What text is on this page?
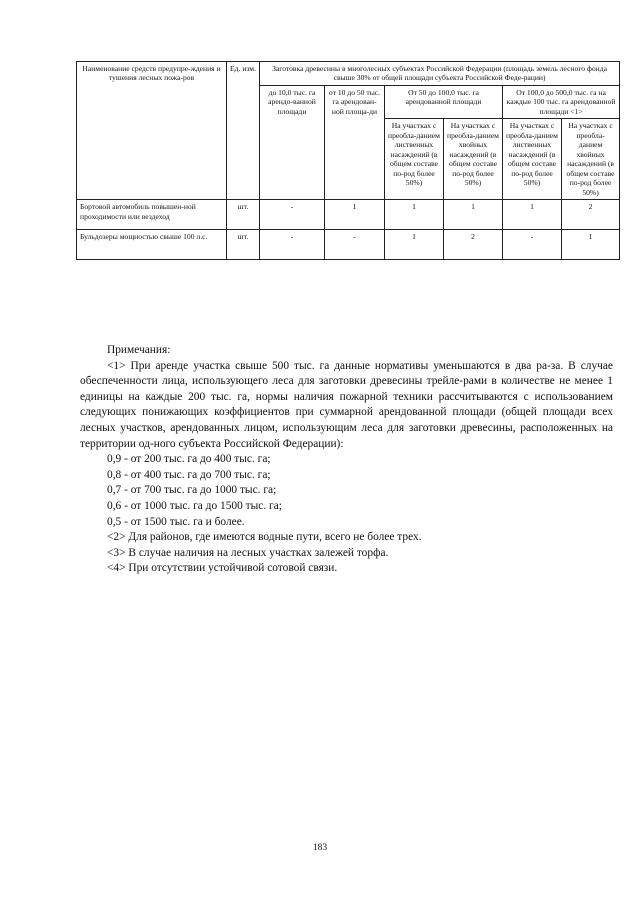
Наименование средств предупре-ждения и тушения лесных пожа-ров	Ед. изм.	Заготовка древесины в многолесных субъектах Российской Федерации (площадь земель лесного фонда свыше 30% от общей площади субъекта Российской Феде-рации)					
		до 10,0 тыс. га арендо-ванной площади	от 10 до 50 тыс. га арендован-ной площа-ди	От 50 до 100,0 тыс. га арендованной площади		От 100,0 до 500,0 тыс. га на каждые 100 тыс. га арендованной площади <1>	
				На участках с преобла-данием лиственных насаждений (в общем составе по-род более 50%)	На участках с преобла-данием хвойных насаждений (в общем составе по-род более 50%)	На участках с преобла-данием лиственных насаждений (в общем составе по-род более 50%)	На участках с преобла-данием хвойных насаждений (в общем составе по-род более 50%)
Бортовой автомобиль повышен-ной проходимости или вездеход	шт.	-	1	1	1	1	2
Бульдозеры мощностью свыше 100 л.с.	шт.	-	-	1	2	-	1

Примечания:

<1> При аренде участка свыше 500 тыс. га данные нормативы уменьшаются в два ра-за. В случае обеспеченности лица, использующего леса для заготовки древесины трейле-рами в количестве не менее 1 единицы на каждые 200 тыс. га, нормы наличия пожарной техники рассчитываются с использованием следующих понижающих коэффициентов при суммарной арендованной площади (общей площади всех лесных участков, арендованных лицом, использующим леса для заготовки древесины, расположенных на территории од-ного субъекта Российской Федерации):

0,9 - от 200 тыс. га до 400 тыс. га;

0,8 - от 400 тыс. га до 700 тыс. га;

0,7 - от 700 тыс. га до 1000 тыс. га;

0,6 - от 1000 тыс. га до 1500 тыс. га;

0,5 - от 1500 тыс. га и более.

<2> Для районов, где имеются водные пути, всего не более трех.

<3> В случае наличия на лесных участках залежей торфа.

<4> При отсутствии устойчивой сотовой связи.

183
